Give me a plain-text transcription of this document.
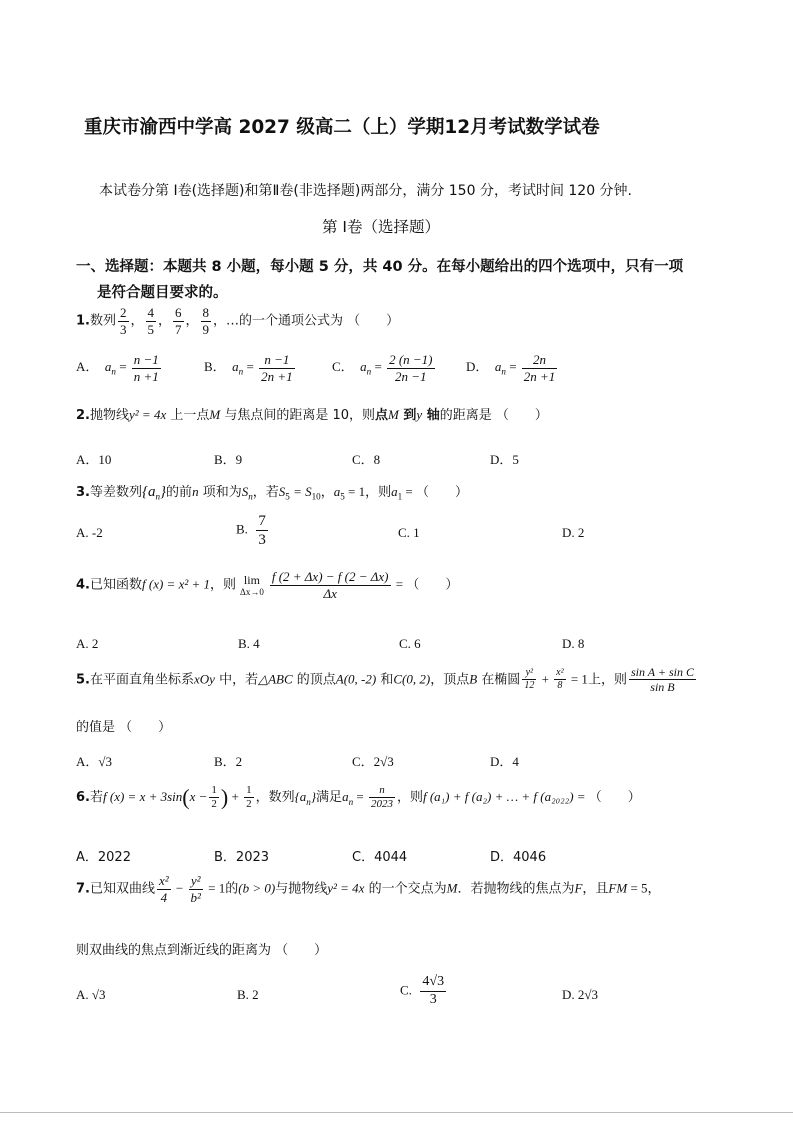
重庆市渝西中学高 2027 级高二（上）学期12月考试数学试卷
本试卷分第 Ⅰ卷(选择题)和第Ⅱ卷(非选择题)两部分，满分 150 分，考试时间 120 分钟.
第 Ⅰ卷（选择题）
一、选择题：本题共 8 小题，每小题 5 分，共 40 分。在每小题给出的四个选项中，只有一项
是符合题目要求的。
1.数列 $\frac{2}{3}$ ， $\frac{4}{5}$ ， $\frac{6}{7}$ ， $\frac{8}{9}$ ，…的一个通项公式为 （　　）
A． $a_n = \frac{n -1}{n +1}$	B． $a_n = \frac{n -1}{2n +1}$	C． $a_n = \frac{2 (n -1)}{2n -1}$ D． $a_n = \frac{2n}{2n +1}$
2.抛物线y² = 4x 上一点M 与焦点间的距离是 10，则点M 到y 轴的距离是 （　　）
A．10	B．9	C．8	D．5
3.等差数列$\{a_n\}$的前n 项和为$S_n$，若$S_5 = S_{10}$，$a_5 = 1$，则$a_1$ = （　　）
A. -2	B. $\frac{7}{3}$	C. 1	D. 2
4.已知函数f (x) = x² + 1，则 lim
$\Delta x\to 0 \frac{f (2 + \Delta x) - f (2 - \Delta x)}{\Delta x}$ = （　　）
A. 2	B. 4	C. 6	D. 8
5.在平面直角坐标系xOy 中，若△ABC 的顶点A(0, -2) 和C(0, 2)，顶点B 在椭圆 $\frac{\text{y²}}{12} + \frac{\text{x²}}{8} = 1$上，则 $\frac{\text{sin A + sin C}}{\text{sin B}}$
的值是 （　　）
A．√3	B．2	C．2√3	D．4
6.若f $(x) = x + 3\sin(x - \frac{1}{2}$ ) + $\frac{1}{2}$ ，数列$\{a_n\}$满足$a_n = \frac{n}{2023}$ ，则f (a₁) + f (a₂) + … + f (a₂₀₂₂) = （　　）
A．2022	B．2023	C．4044	D．4046
7.已知双曲线 $\frac{\text{x²}}{4} - \frac{\text{y²}}{\text{b²}} = 1$的(b > 0)与抛物线y² = 4x 的一个交点为M．若抛物线的焦点为F，且FM = 5，
则双曲线的焦点到渐近线的距离为 （　　）
A. √3	B. 2	C. $\frac{4√3}{3}$	D. 2√3
